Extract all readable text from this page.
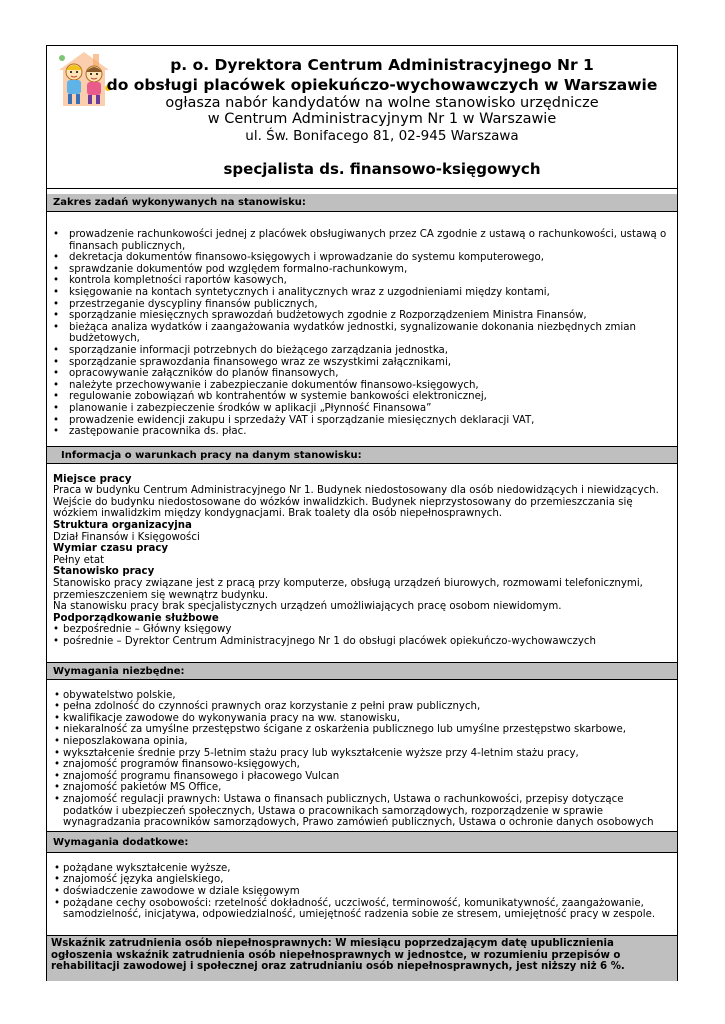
p. o. Dyrektora Centrum Administracyjnego Nr 1
do obsługi placówek opiekuńczo-wychowawczych w Warszawie
ogłasza nabór kandydatów na wolne stanowisko urzędnicze
w Centrum Administracyjnym Nr 1 w Warszawie
ul. Św. Bonifacego 81, 02-945 Warszawa
specjalista ds. finansowo-księgowych
Zakres zadań wykonywanych na stanowisku:
• prowadzenie rachunkowości jednej z placówek obsługiwanych przez CA zgodnie z ustawą o rachunkowości, ustawą o finansach publicznych,
• dekretacja dokumentów finansowo-księgowych i wprowadzanie do systemu komputerowego,
• sprawdzanie dokumentów pod względem formalno-rachunkowym,
• kontrola kompletności raportów kasowych,
• księgowanie na kontach syntetycznych i analitycznych wraz z uzgodnieniami między kontami,
• przestrzeganie dyscypliny finansów publicznych,
• sporządzanie miesięcznych sprawozdań budżetowych zgodnie z Rozporządzeniem Ministra Finansów,
• bieżąca analiza wydatków i zaangażowania wydatków jednostki, sygnalizowanie dokonania niezbędnych zmian budżetowych,
• sporządzanie informacji potrzebnych do bieżącego zarządzania jednostka,
• sporządzanie sprawozdania finansowego wraz ze wszystkimi załącznikami,
• opracowywanie załączników do planów finansowych,
• należyte przechowywanie i zabezpieczanie dokumentów finansowo-księgowych,
• regulowanie zobowiązań wb kontrahentów w systemie bankowości elektronicznej,
• planowanie i zabezpieczenie środków w aplikacji „Płynność Finansowa”
• prowadzenie ewidencji zakupu i sprzedaży VAT i sporządzanie miesięcznych deklaracji VAT,
• zastępowanie pracownika ds. płac.
Informacja o warunkach pracy na danym stanowisku:
Miejsce pracy
Praca w budynku Centrum Administracyjnego Nr 1. Budynek niedostosowany dla osób niedowidzących i niewidzących. Wejście do budynku niedostosowane do wózków inwalidzkich. Budynek nieprzystosowany do przemieszczania się wózkiem inwalidzkim między kondygnacjami. Brak toalety dla osób niepełnosprawnych.
Struktura organizacyjna
Dział Finansów i Księgowości
Wymiar czasu pracy
Pełny etat
Stanowisko pracy
Stanowisko pracy związane jest z pracą przy komputerze, obsługą urządzeń biurowych, rozmowami telefonicznymi, przemieszczeniem się wewnątrz budynku.
Na stanowisku pracy brak specjalistycznych urządzeń umożliwiających pracę osobom niewidomym.
Podporządkowanie służbowe
• bezpośrednie – Główny księgowy
• pośrednie – Dyrektor Centrum Administracyjnego Nr 1 do obsługi placówek opiekuńczo-wychowawczych
Wymagania niezbędne:
• obywatelstwo polskie,
• pełna zdolność do czynności prawnych oraz korzystanie z pełni praw publicznych,
• kwalifikacje zawodowe do wykonywania pracy na ww. stanowisku,
• niekaralność za umyślne przestępstwo ścigane z oskarżenia publicznego lub umyślne przestępstwo skarbowe,
• nieposzlakowana opinia,
• wykształcenie średnie przy 5-letnim stażu pracy lub wykształcenie wyższe przy 4-letnim stażu pracy,
• znajomość programów finansowo-księgowych,
• znajomość programu finansowego i płacowego Vulcan
• znajomość pakietów MS Office,
• znajomość regulacji prawnych: Ustawa o finansach publicznych, Ustawa o rachunkowości, przepisy dotyczące podatków i ubezpieczeń społecznych, Ustawa o pracownikach samorządowych, rozporządzenie w sprawie wynagradzania pracowników samorządowych, Prawo zamówień publicznych, Ustawa o ochronie danych osobowych
Wymagania dodatkowe:
• pożądane wykształcenie wyższe,
• znajomość języka angielskiego,
• doświadczenie zawodowe w dziale księgowym
• pożądane cechy osobowości: rzetelność dokładność, uczciwość, terminowość, komunikatywność, zaangażowanie, samodzielność, inicjatywa, odpowiedzialność, umiejętność radzenia sobie ze stresem, umiejętność pracy w zespole.
Wskaźnik zatrudnienia osób niepełnosprawnych: W miesiącu poprzedzającym datę upublicznienia ogłoszenia wskaźnik zatrudnienia osób niepełnosprawnych w jednostce, w rozumieniu przepisów o rehabilitacji zawodowej i społecznej oraz zatrudnianiu osób niepełnosprawnych, jest niższy niż 6 %.
